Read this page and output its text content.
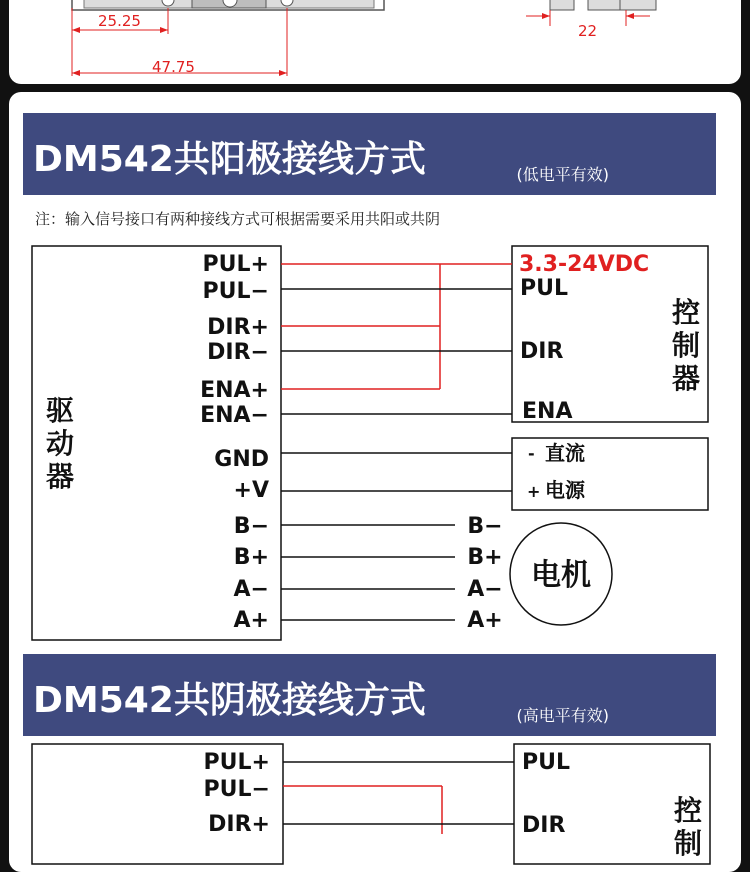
25.25
47.75
22
DM542共阳极接线方式	(低电平有效)
注：输入信号接口有两种接线方式可根据需要采用共阳或共阴
驱
动
器
PUL+
PUL−
DIR+
DIR−
ENA+
ENA−
GND
+V
B−
B+
A−
A+
3.3-24VDC
PUL
DIR
ENA
控
制
器
- 直流
+ 电源
B−
B+
A−
A+
电机
DM542共阴极接线方式	(高电平有效)
PUL+
PUL−
DIR+
PUL
DIR	控
制
